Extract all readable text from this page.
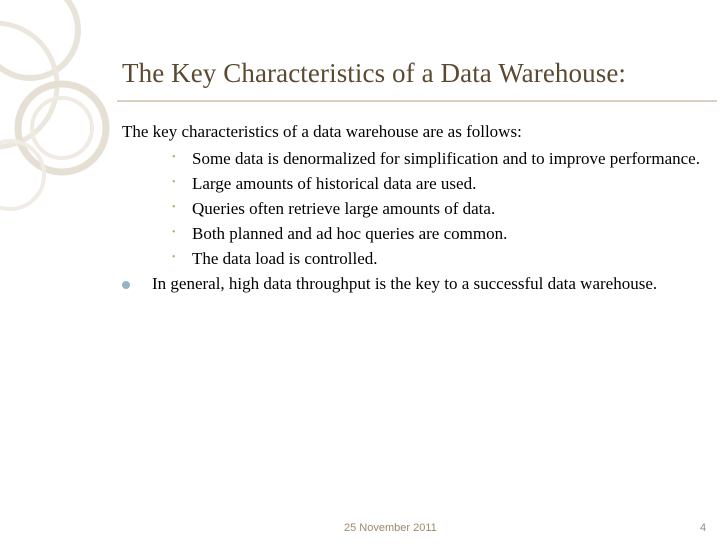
The Key Characteristics of a Data Warehouse:

The key characteristics of a data warehouse are as follows:

• Some data is denormalized for simplification and to improve performance.
• Large amounts of historical data are used.
• Queries often retrieve large amounts of data.
• Both planned and ad hoc queries are common.
• The data load is controlled.
In general, high data throughput is the key to a successful data warehouse.
25 November 2011	4
